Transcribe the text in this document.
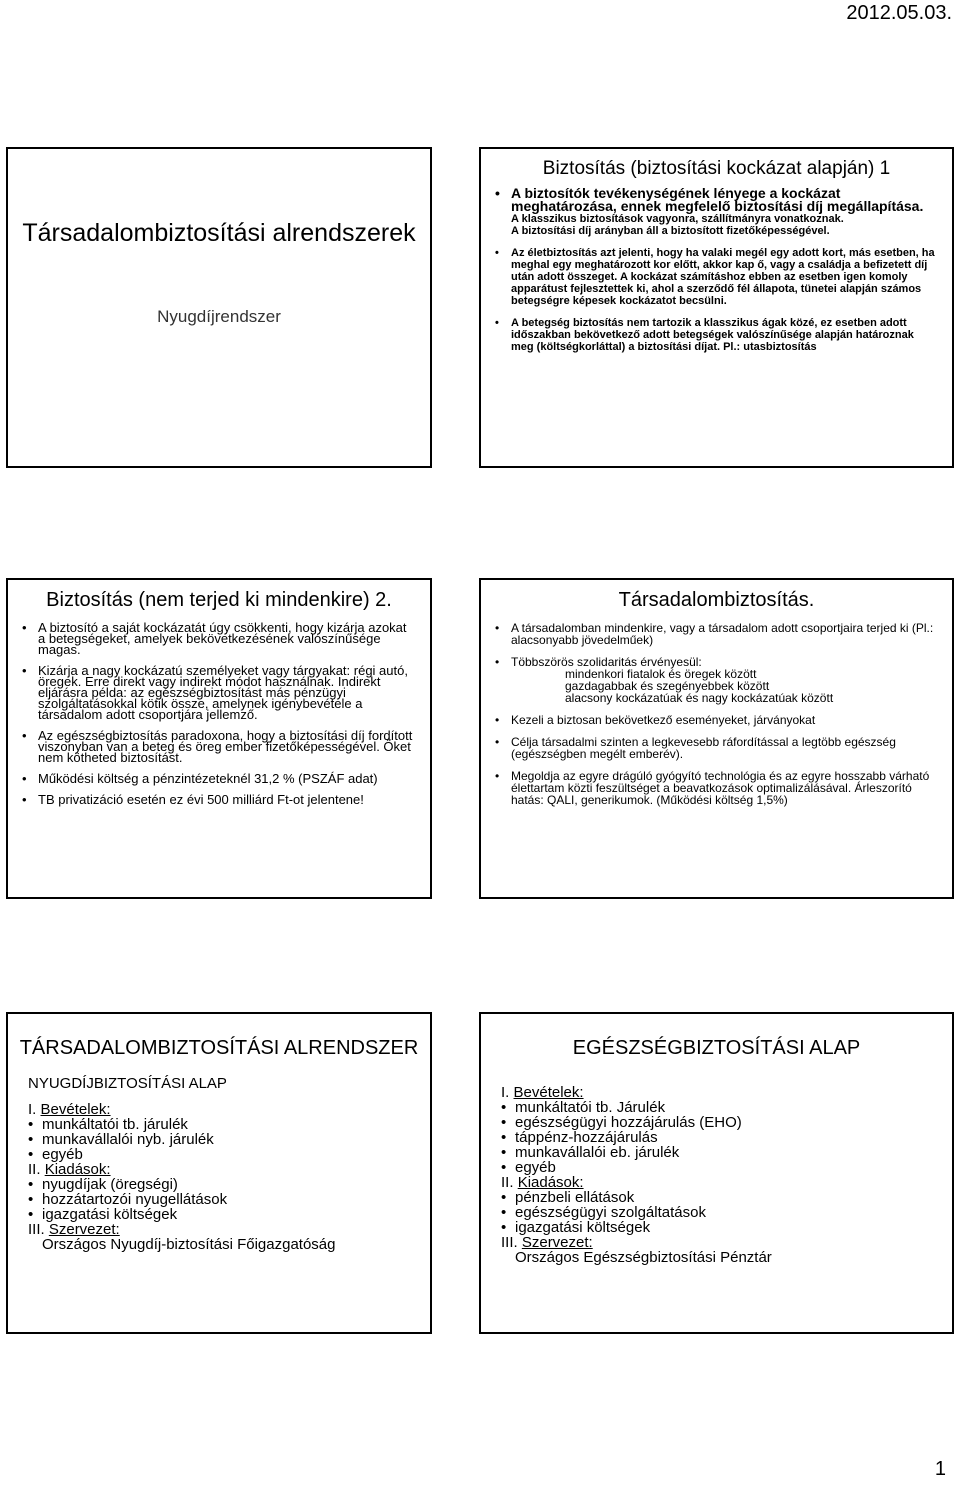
2012.05.03.
Társadalombiztosítási alrendszerek
Nyugdíjrendszer
Biztosítás (biztosítási kockázat alapján) 1
• A biztosítók tevékenységének lényege a kockázat meghatározása, ennek megfelelő biztosítási díj megállapítása.
A klasszikus biztosítások vagyonra, szállítmányra vonatkoznak.
A biztosítási díj arányban áll a biztosított fizetőképességével.
• Az életbiztosítás azt jelenti, hogy ha valaki megél egy adott kort, más esetben, ha meghal egy meghatározott kor előtt, akkor kap ő, vagy a családja a befizetett díj után adott összeget. A kockázat számításhoz ebben az esetben igen komoly apparátust fejlesztettek ki, ahol a szerződő fél állapota, tünetei alapján számos betegségre képesek kockázatot becsülni.
• A betegség biztosítás nem tartozik a klasszikus ágak közé, ez esetben adott időszakban bekövetkező adott betegségek valószínűsége alapján határoznak meg (költségkorláttal) a biztosítási díjat. Pl.: utasbiztosítás
Biztosítás (nem terjed ki mindenkire) 2.
• A biztosító a saját kockázatát úgy csökkenti, hogy kizárja azokat a betegségeket, amelyek bekövetkezésének valószínűsége magas.
• Kizárja a nagy kockázatú személyeket vagy tárgyakat: régi autó, öregek. Erre direkt vagy indirekt módot használnak. Indirekt eljárásra példa: az egészségbiztosítást más pénzügyi szolgáltatásokkal kötik össze, amelynek igénybevétele a társadalom adott csoportjára jellemző.
• Az egészségbiztosítás paradoxona, hogy a biztosítási díj fordított viszonyban van a beteg és öreg ember fizetőképességével. Őket nem kötheted biztosítást.
• Működési költség a pénzintézeteknél 31,2 % (PSZÁF adat)
• TB privatizáció esetén ez évi 500 milliárd Ft-ot jelentene!
Társadalombiztosítás.
• A társadalomban mindenkire, vagy a társadalom adott csoportjaira terjed ki (Pl.: alacsonyabb jövedelműek)
• Többszörös szolidaritás érvényesül:
mindenkori fiatalok és öregek között
gazdagabbak és szegényebbek között
alacsony kockázatúak és nagy kockázatúak között
• Kezeli a biztosan bekövetkező eseményeket, járványokat
• Célja társadalmi szinten a legkevesebb ráfordítással a legtöbb egészség (egészségben megélt emberév).
• Megoldja az egyre drágúló gyógyító technológia és az egyre hosszabb várható élettartam közti feszültséget a beavatkozások optimalizálásával. Árleszorító hatás: QALI, generikumok. (Működési költség 1,5%)
TÁRSADALOMBIZTOSÍTÁSI ALRENDSZER
NYUGDÍJBIZTOSÍTÁSI ALAP
I. Bevételek:
• munkáltatói tb. járulék
• munkavállalói nyb. járulék
• egyéb
II. Kiadások:
• nyugdíjak (öregségi)
• hozzátartozói nyugellátások
• igazgatási költségek
III. Szervezet:
Országos Nyugdíj-biztosítási Főigazgatóság
EGÉSZSÉGBIZTOSÍTÁSI ALAP
I. Bevételek:
• munkáltatói tb. Járulék
• egészségügyi hozzájárulás (EHO)
• táppénz-hozzájárulás
• munkavállalói eb. járulék
• egyéb
II. Kiadások:
• pénzbeli ellátások
• egészségügyi szolgáltatások
• igazgatási költségek
III. Szervezet:
Országos Egészségbiztosítási Pénztár
1
